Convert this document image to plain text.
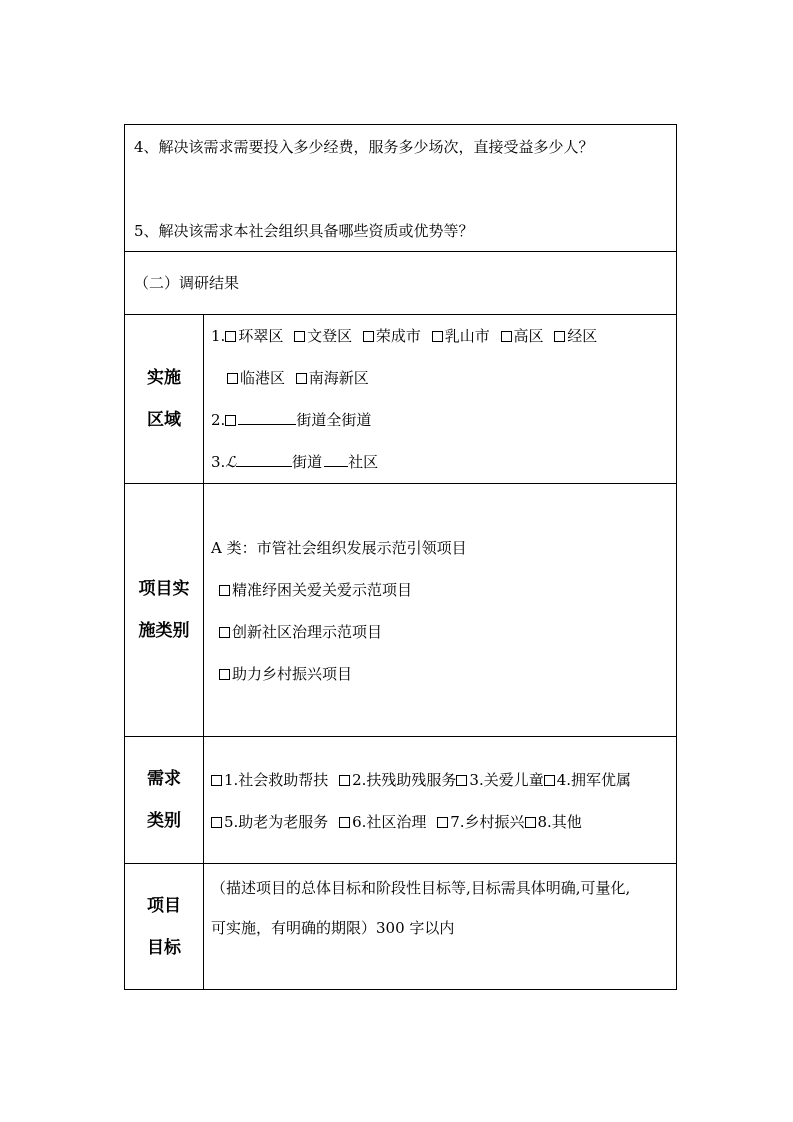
4、解决该需求需要投入多少经费，服务多少场次，直接受益多少人？
5、解决该需求本社会组织具备哪些资质或优势等？
（二）调研结果
实施
区域
1. 环翠区 文登区 荣成市 乳山市 高区 经区
临港区 南海新区
2.	街道全街道
3.ℒ	街道 社区
项目实
施类别
A 类：市管社会组织发展示范引领项目
精准纾困关爱关爱示范项目
创新社区治理示范项目
助力乡村振兴项目
需求
类别
1.社会救助帮扶 2.扶残助残服务 3.关爱儿童 4.拥军优属
5.助老为老服务 6.社区治理 7.乡村振兴 8.其他
项目
目标
（描述项目的总体目标和阶段性目标等,目标需具体明确,可量化,
可实施，有明确的期限）300 字以内
